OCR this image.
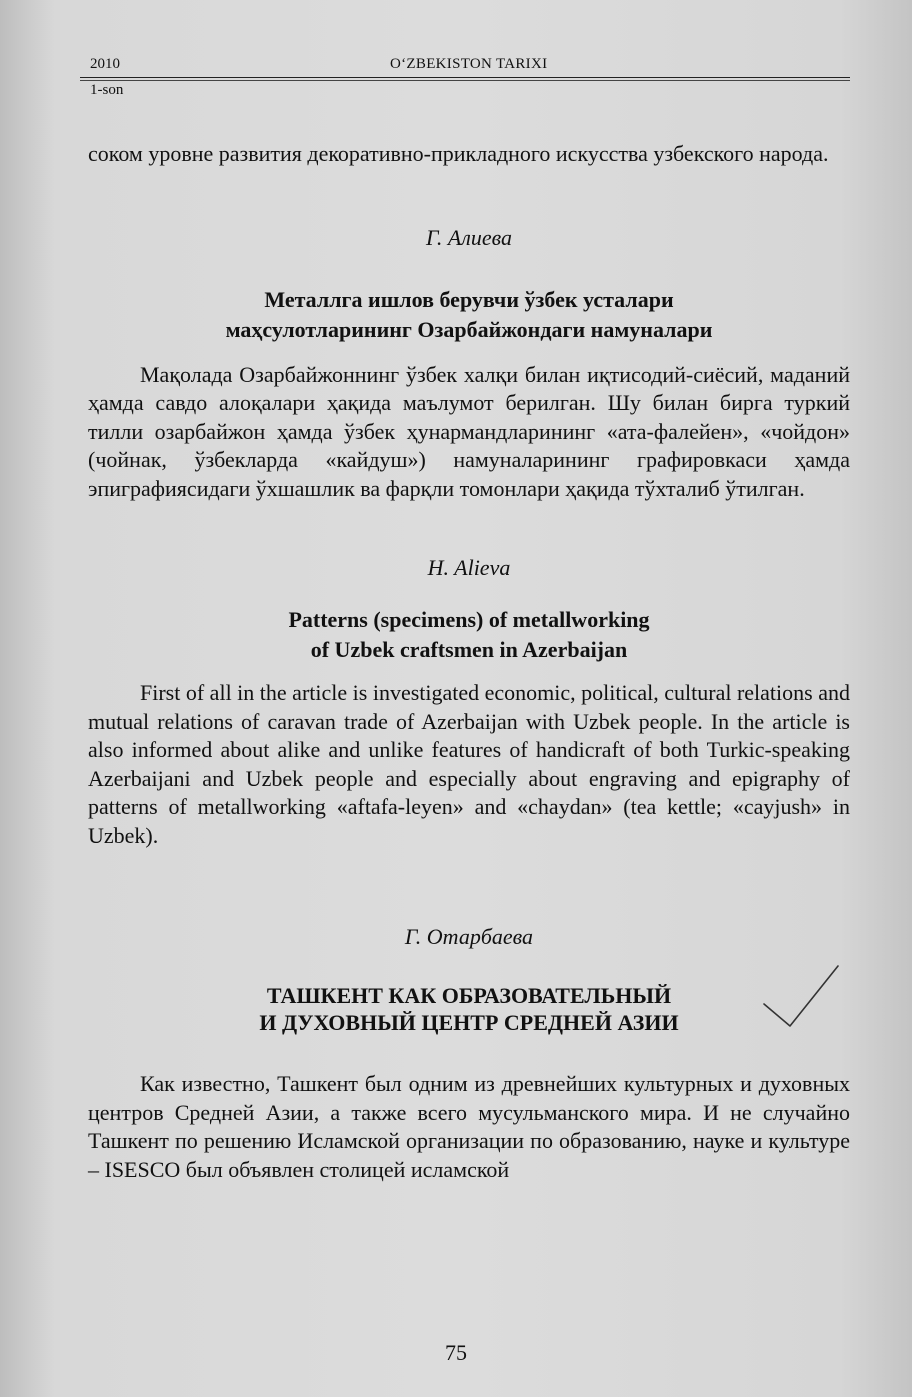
2010	O‘ZBEKISTON TARIXI
1-son

соком уровне развития декоративно-прикладного искусства узбекского народа.

Г. Алиева

Металлга ишлов берувчи ўзбек усталари

маҳсулотларининг Озарбайжондаги намуналари

Мақолада Озарбайжоннинг ўзбек халқи билан иқтисодий-сиёсий, маданий ҳамда савдо алоқалари ҳақида маълумот берилган. Шу билан бирга туркий тилли озарбайжон ҳамда ўзбек ҳунармандларининг «ата-фалейен», «чойдон» (чойнак, ўзбекларда «кайдуш») намуналарининг графировкаси ҳамда эпиграфиясидаги ўхшашлик ва фарқли томонлари ҳақида тўхталиб ўтилган.

H. Alieva

Patterns (specimens) of metallworking

of Uzbek craftsmen in Azerbaijan

First of all in the article is investigated economic, political, cultural relations and mutual relations of caravan trade of Azerbaijan with Uzbek people. In the article is also informed about alike and unlike features of handicraft of both Turkic-speaking Azerbaijani and Uzbek people and especially about engraving and epigraphy of patterns of metallworking «aftafa-leyen» and «chaydan» (tea kettle; «cayjush» in Uzbek).

Г. Отарбаева

ТАШКЕНТ КАК ОБРАЗОВАТЕЛЬНЫЙ

И ДУХОВНЫЙ ЦЕНТР СРЕДНЕЙ АЗИИ

Как известно, Ташкент был одним из древнейших культурных и духовных центров Средней Азии, а также всего мусульманского мира. И не случайно Ташкент по решению Исламской организации по образованию, науке и культуре – ISESCO был объявлен столицей исламской

75
